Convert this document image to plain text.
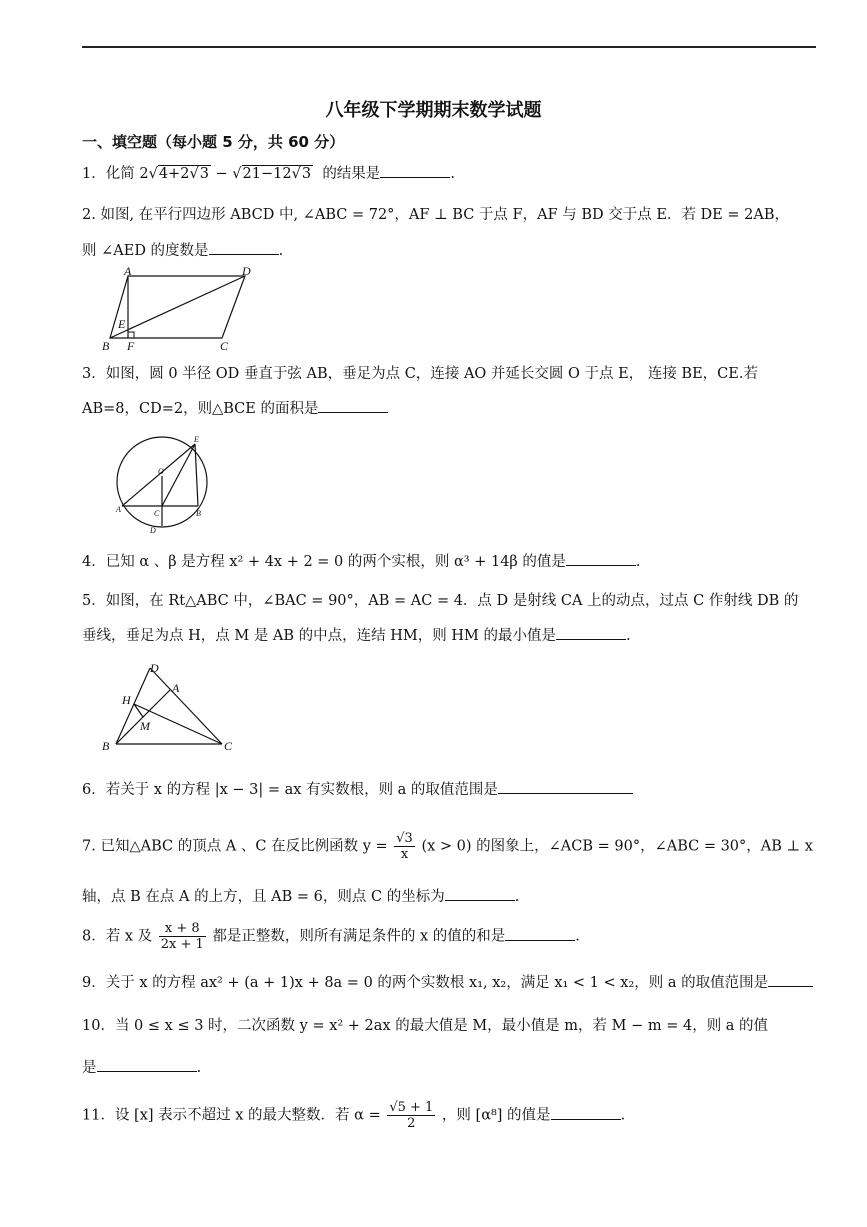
八年级下学期期末数学试题
一、填空题（每小题 5 分，共 60 分）
1．化简 2√4+2√3 − √21−12√3 的结果是	.
2. 如图, 在平行四边形 ABCD 中, ∠ABC = 72°，AF ⊥ BC 于点 F，AF 与 BD 交于点 E．若 DE = 2AB，
则 ∠AED 的度数是	.
A	D
B F	C
E
3．如图，圆 0 半径 OD 垂直于弦 AB，垂足为点 C，连接 AO 并延长交圆 O 于点 E， 连接 BE，CE.若
AB=8，CD=2，则△BCE 的面积是
O
E
A	C	B
D
4．已知 α 、β 是方程 x² + 4x + 2 = 0 的两个实根，则 α³ + 14β 的值是	.
5．如图，在 Rt△ABC 中，∠BAC = 90°，AB = AC = 4．点 D 是射线 CA 上的动点，过点 C 作射线 DB 的
垂线，垂足为点 H，点 M 是 AB 的中点，连结 HM，则 HM 的最小值是	.
D
A
H
M
B	C
6．若关于 x 的方程 |x − 3| = ax 有实数根，则 a 的取值范围是
7. 已知△ABC 的顶点 A 、C 在反比例函数 $y = \frac{√3}{x} (x > 0)$ 的图象上，∠ACB = 90°，∠ABC = 30°，AB ⊥ x
轴，点 B 在点 A 的上方，且 AB = 6，则点 C 的坐标为	.
8．若 x 及 $\frac{x + 8}{2x + 1}$ 都是正整数，则所有满足条件的 x 的值的和是	.
9．关于 x 的方程 ax² + (a + 1)x + 8a = 0 的两个实数根 x₁, x₂，满足 x₁ < 1 < x₂，则 a 的取值范围是
10．当 0 ≤ x ≤ 3 时，二次函数 y = x² + 2ax 的最大值是 M，最小值是 m，若 M − m = 4，则 a 的值
是	.
11．设 [x] 表示不超过 x 的最大整数．若 $\alpha = \frac{√5 + 1}{2}$ ，则 [α⁸] 的值是	.
